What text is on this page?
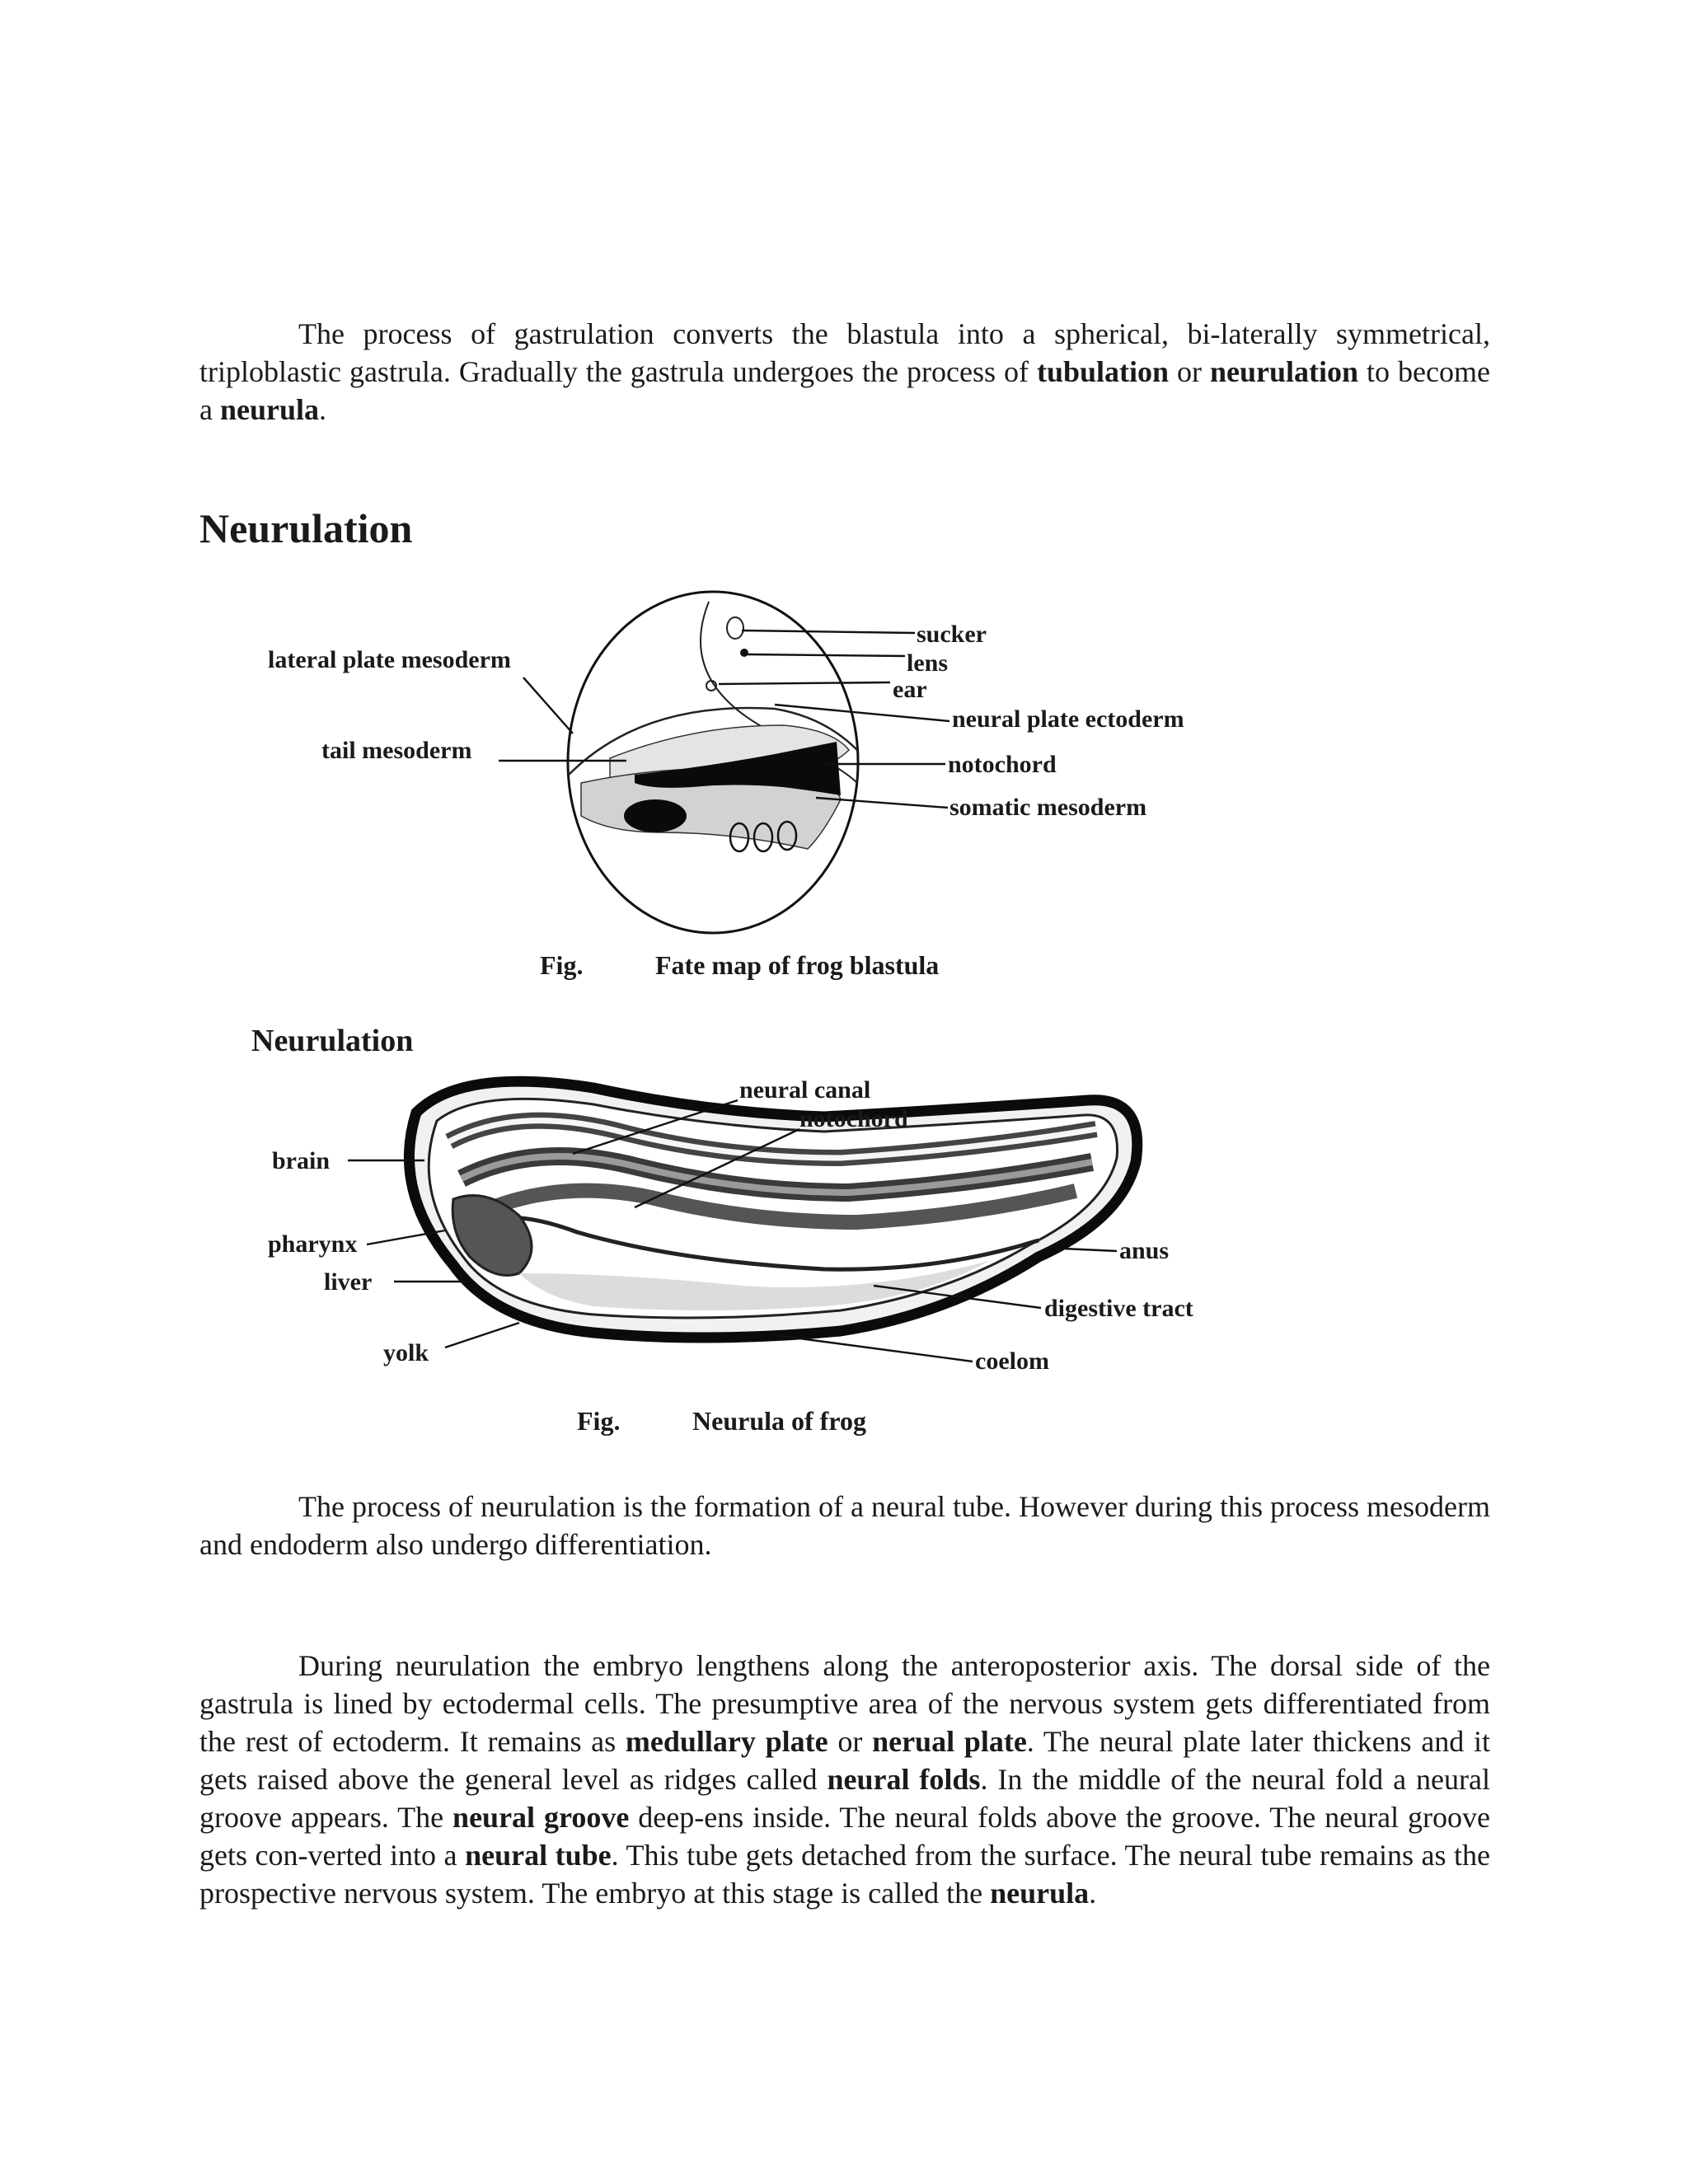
The process of gastrulation converts the blastula into a spherical, bi-laterally symmetrical, triploblastic gastrula. Gradually the gastrula undergoes the process of tubulation or neurulation to become a neurula.
Neurulation
lateral plate mesoderm
tail mesoderm
sucker
lens
ear
neural plate ectoderm
notochord
somatic mesoderm
Fig.	Fate map of frog blastula
Neurulation
neural canal
notochord
brain
pharynx
liver
yolk
anus
digestive tract
coelom
Fig.	Neurula of frog
The process of neurulation is the formation of a neural tube. However during this process mesoderm and endoderm also undergo differentiation.
During neurulation the embryo lengthens along the anteroposterior axis. The dorsal side of the gastrula is lined by ectodermal cells. The presumptive area of the nervous system gets differentiated from the rest of ectoderm. It remains as medullary plate or nerual plate. The neural plate later thickens and it gets raised above the general level as ridges called neural folds. In the middle of the neural fold a neural groove appears. The neural groove deep-ens inside. The neural folds above the groove. The neural groove gets con-verted into a neural tube. This tube gets detached from the surface. The neural tube remains as the prospective nervous system. The embryo at this stage is called the neurula.
